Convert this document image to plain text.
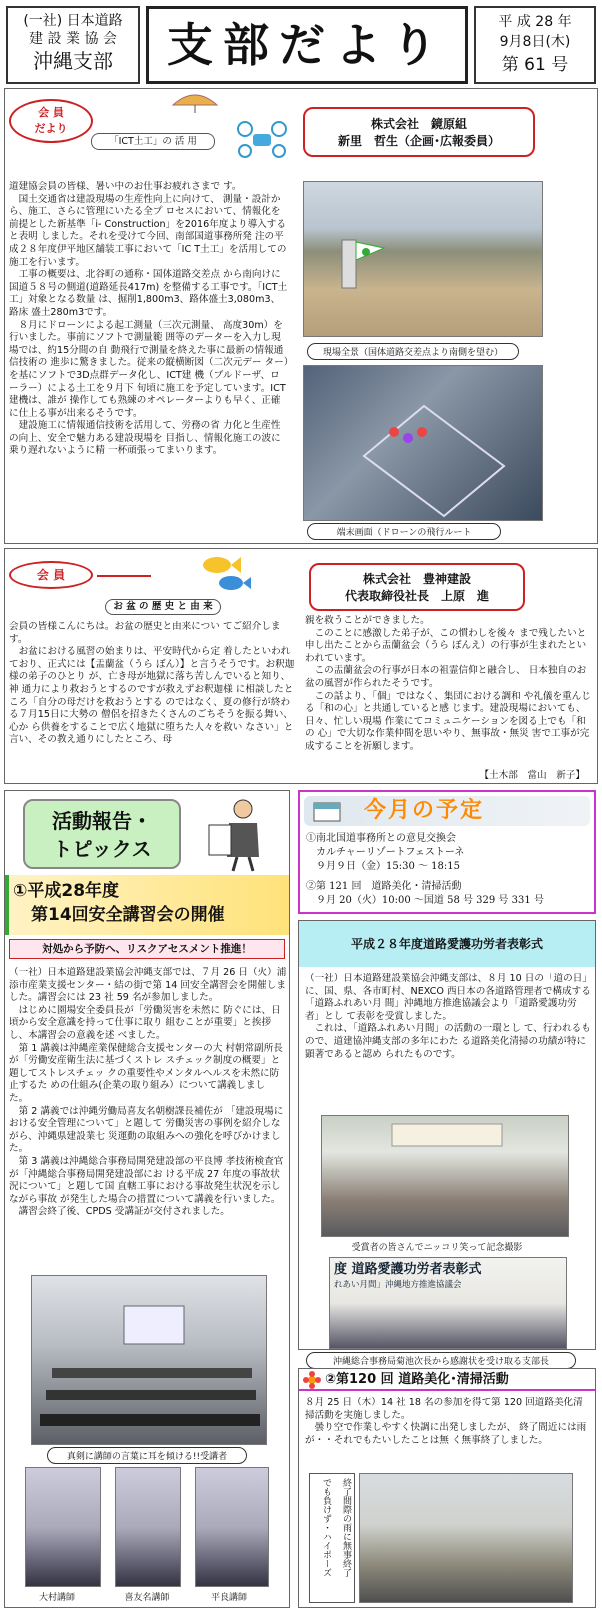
(一社) 日本道路
建 設 業 協 会
沖縄支部	支部だより	平 成 28 年
9月8日(木)
第 61 号
会 員
だより
「ICT土工」の 活 用
株式会社　鏡原組
新里　哲生（企画･広報委員）

道建協会員の皆様、暑い中のお仕事お疲れさまで す。
　国土交通省は建設現場の生産性向上に向けて、 測量・設計から、施工、さらに管理にいたる全プ ロセスにおいて、情報化を前提とした新基準「i- Construction」を2016年度より導入すると表明 しました。それを受けて今回、南部国道事務所発 注の平成２８年度伊平地区舗装工事において「IC T土工」を活用しての施工を行います。
　工事の概要は、北谷町の通称・国体道路交差点 から南向けに国道５８号の側道(道路延長417m) を整備する工事です。「ICT土工」対象となる数量 は、掘削1,800m3、路体盛土3,080m3、路床 盛土280m3です。
　８月にドローンによる起工測量（三次元測量、 高度30m）を行いました。事前にソフトで測量範 囲等のデーターを入力し現場では、約15分間の自 動飛行で測量を終えた事に最新の情報通信技術の 進歩に驚きました。従来の縦横断図（二次元デー ター）を基にソフトで3D点群データ化し、ICT建 機（ブルドーザ、ローラー）による土工を９月下 旬頃に施工を予定しています。ICT建機は、誰が 操作しても熟練のオペレーターよりも早く、正確 に仕上る事が出来るそうです。
　建設施工に情報通信技術を活用して、労務の省 力化と生産性の向上、安全で魅力ある建設現場を 目指し、情報化施工の波に乗り遅れないように精 一杯頑張ってまいります。

現場全景（国体道路交差点より南側を望む）
端末画面（ドローンの飛行ルート
会 員
お 盆 の 歴 史 と 由 来
株式会社　豊神建設
代表取締役社長　上原　進

会員の皆様こんにちは。お盆の歴史と由来につい てご紹介します。
　お盆における風習の始まりは、平安時代から定 着したといわれており、正式には【盂蘭盆（うら ぼん）】と言うそうです。お釈迦様の弟子のひとり が、亡き母が地獄に落ち苦しんでいると知り、神 通力により救おうとするのですが救えずお釈迦様 に相談したところ「自分の母だけを救おうとする のではなく、夏の修行が終わる７月15日に大勢の 僧侶を招きたくさんのごちそうを振る舞い、心か ら供養をすることで広く地獄に堕ちた人々を救い なさい」と言い、その教え通りにしたところ、母

親を救うことができました。
　このことに感激した弟子が、この慣わしを後々 まで残したいと申し出たことから盂蘭盆会（うら ぼんえ）の行事が生まれたといわれています。
　この盂蘭盆会の行事が日本の祖霊信仰と融合し、 日本独自のお盆の風習が作られたそうです。
　この話より、「個」ではなく、集団における調和 や礼儀を重んじる「和の心」と共通していると感 じます。建設現場においても、日々、忙しい現場 作業にてコミュニケーションを図る上でも「和の 心」で大切な作業仲間を思いやり、無事故・無災 害で工事が完成することを祈願します。

【土木部　當山　新子】
活動報告・
トピックス
①平成28年度
第14回安全講習会の開催
対処から予防へ、リスクアセスメント推進！

（一社）日本道路建設業協会沖縄支部では、７月 26 日（火）浦添市産業支援センター・結の街で第 14 回安全講習会を開催しました。講習会には 23 社 59 名が参加しました。
　はじめに園場安全委員長が「労働災害を未然に 防ぐには、日頃から安全意識を持って仕事に取り 組むことが重要」と挨拶し、本講習会の意義を述 べました。
　第 1 講義は沖縄産業保健総合支援センターの大 村朝常副所長が「労働安産衛生法に基づくストレ スチェック制度の概要」と題してストレスチェッ クの重要性やメンタルヘルスを未然に防止するた めの仕組み(企業の取り組み）について講義しまし た。
　第 2 講義では沖縄労働局喜友名朝樹課長補佐が 「建設現場における安全管理について」と題して 労働災害の事例を紹介しながら、沖縄県建設業七 災運動の取組みへの強化を呼びかけました。
　第 3 講義は沖縄総合事務局開発建設部の平良博 孝技術検査官が「沖縄総合事務局開発建設部にお ける平成 27 年度の事故状況について」と題して国 直轄工事における事故発生状況を示しながら事故 が発生した場合の措置について講義を行いました。
　講習会終了後、CPDS 受講証が交付されました。

真剣に講師の言葉に耳を傾ける!!受講者
大村講師	喜友名講師	平良講師
今月の予定
①南北国道事務所との意見交換会
カルチャーリゾートフェストーネ
９月９日（金）15:30 ～ 18:15
②第 121 回　道路美化・清掃活動
９月 20（火）10:00 ～国道 58 号 329 号 331 号
平成２８年度道路愛護功労者表彰式

（一社）日本道路建設業協会沖縄支部は、８月 10 日の「道の日」に、国、県、各市町村、NEXCO 西日本の各道路管理者で構成する「道路ふれあい月 間」沖縄地方推進協議会より「道路愛護功労者」とし て表彰を受賞しました。
　これは、「道路ふれあい月間」の活動の一環とし て、行われるもので、道建協沖縄支部の多年にわた る道路美化清掃の功績が特に顕著であると認め られたものです。

受賞者の皆さんでニッコリ笑って記念撮影
度 道路愛護功労者表彰式
れあい月間」沖縄地方推進協議会
沖縄総合事務局菊池次長から感謝状を受け取る支部長
②第120 回 道路美化･清掃活動

８月 25 日（木）14 社 18 名の参加を得て第 120 回道路美化清掃活動を実施しました。
　曇り空で作業しやすく快調に出発しましたが、 終了間近には雨が・・それでもたいしたことは無 く無事終了しました。

でも負けず・ハイポーズ	終了間際の雨に無事終了
